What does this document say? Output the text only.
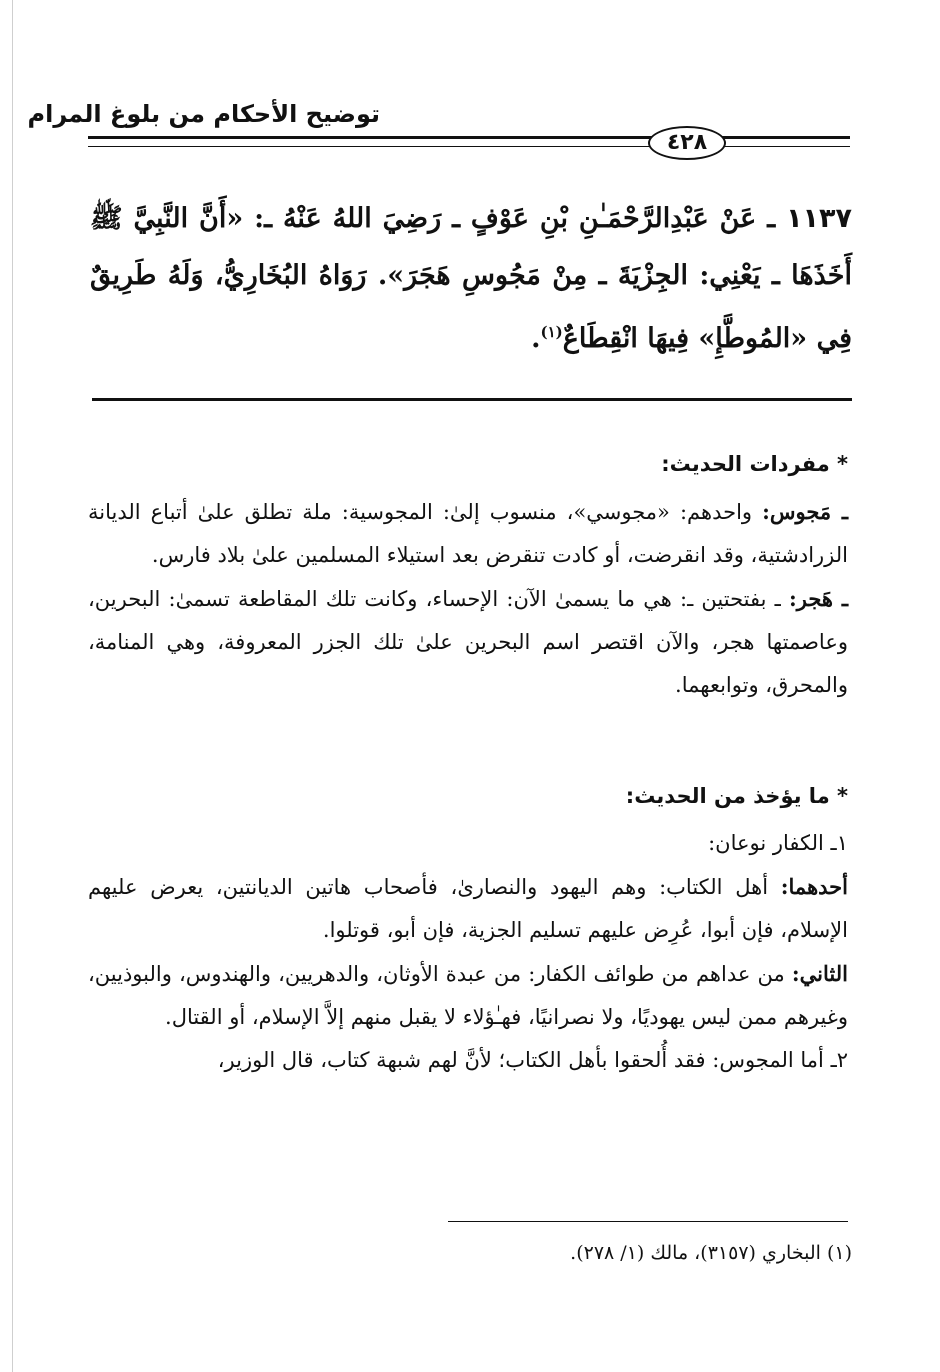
توضيح الأحكام من بلوغ المرام
٤٢٨
١١٣٧ ـ عَنْ عَبْدِالرَّحْمَـٰنِ بْنِ عَوْفٍ ـ رَضِيَ اللهُ عَنْهُ ـ: «أَنَّ النَّبِيَّ ﷺ أَخَذَهَا ـ يَعْنِي: الجِزْيَةَ ـ مِنْ مَجُوسِ هَجَرَ». رَوَاهُ البُخَارِيُّ، وَلَهُ طَرِيقٌ فِي «المُوطَّإِ» فِيهَا انْقِطَاعٌ$^{(١)}$.
* مفردات الحديث:

ـ مَجوس: واحدهم: «مجوسي»، منسوب إلىٰ: المجوسية: ملة تطلق علىٰ أتباع الديانة الزرادشتية، وقد انقرضت، أو كادت تنقرض بعد استيلاء المسلمين علىٰ بلاد فارس.

ـ هَجر: ـ بفتحتين ـ: هي ما يسمىٰ الآن: الإحساء، وكانت تلك المقاطعة تسمىٰ: البحرين، وعاصمتها هجر، والآن اقتصر اسم البحرين علىٰ تلك الجزر المعروفة، وهي المنامة، والمحرق، وتوابعهما.

* ما يؤخذ من الحديث:

١ـ الكفار نوعان:

أحدهما: أهل الكتاب: وهم اليهود والنصارىٰ، فأصحاب هاتين الديانتين، يعرض عليهم الإسلام، فإن أبوا، عُرِض عليهم تسليم الجزية، فإن أبو، قوتلوا.

الثاني: من عداهم من طوائف الكفار: من عبدة الأوثان، والدهريين، والهندوس، والبوذيين، وغيرهم ممن ليس يهوديًا، ولا نصرانيًا، فهـٰؤلاء لا يقبل منهم إلاَّ الإسلام، أو القتال.

٢ـ أما المجوس: فقد أُلحقوا بأهل الكتاب؛ لأنَّ لهم شبهة كتاب، قال الوزير،

(١) البخاري (٣١٥٧)، مالك (١/ ٢٧٨).
